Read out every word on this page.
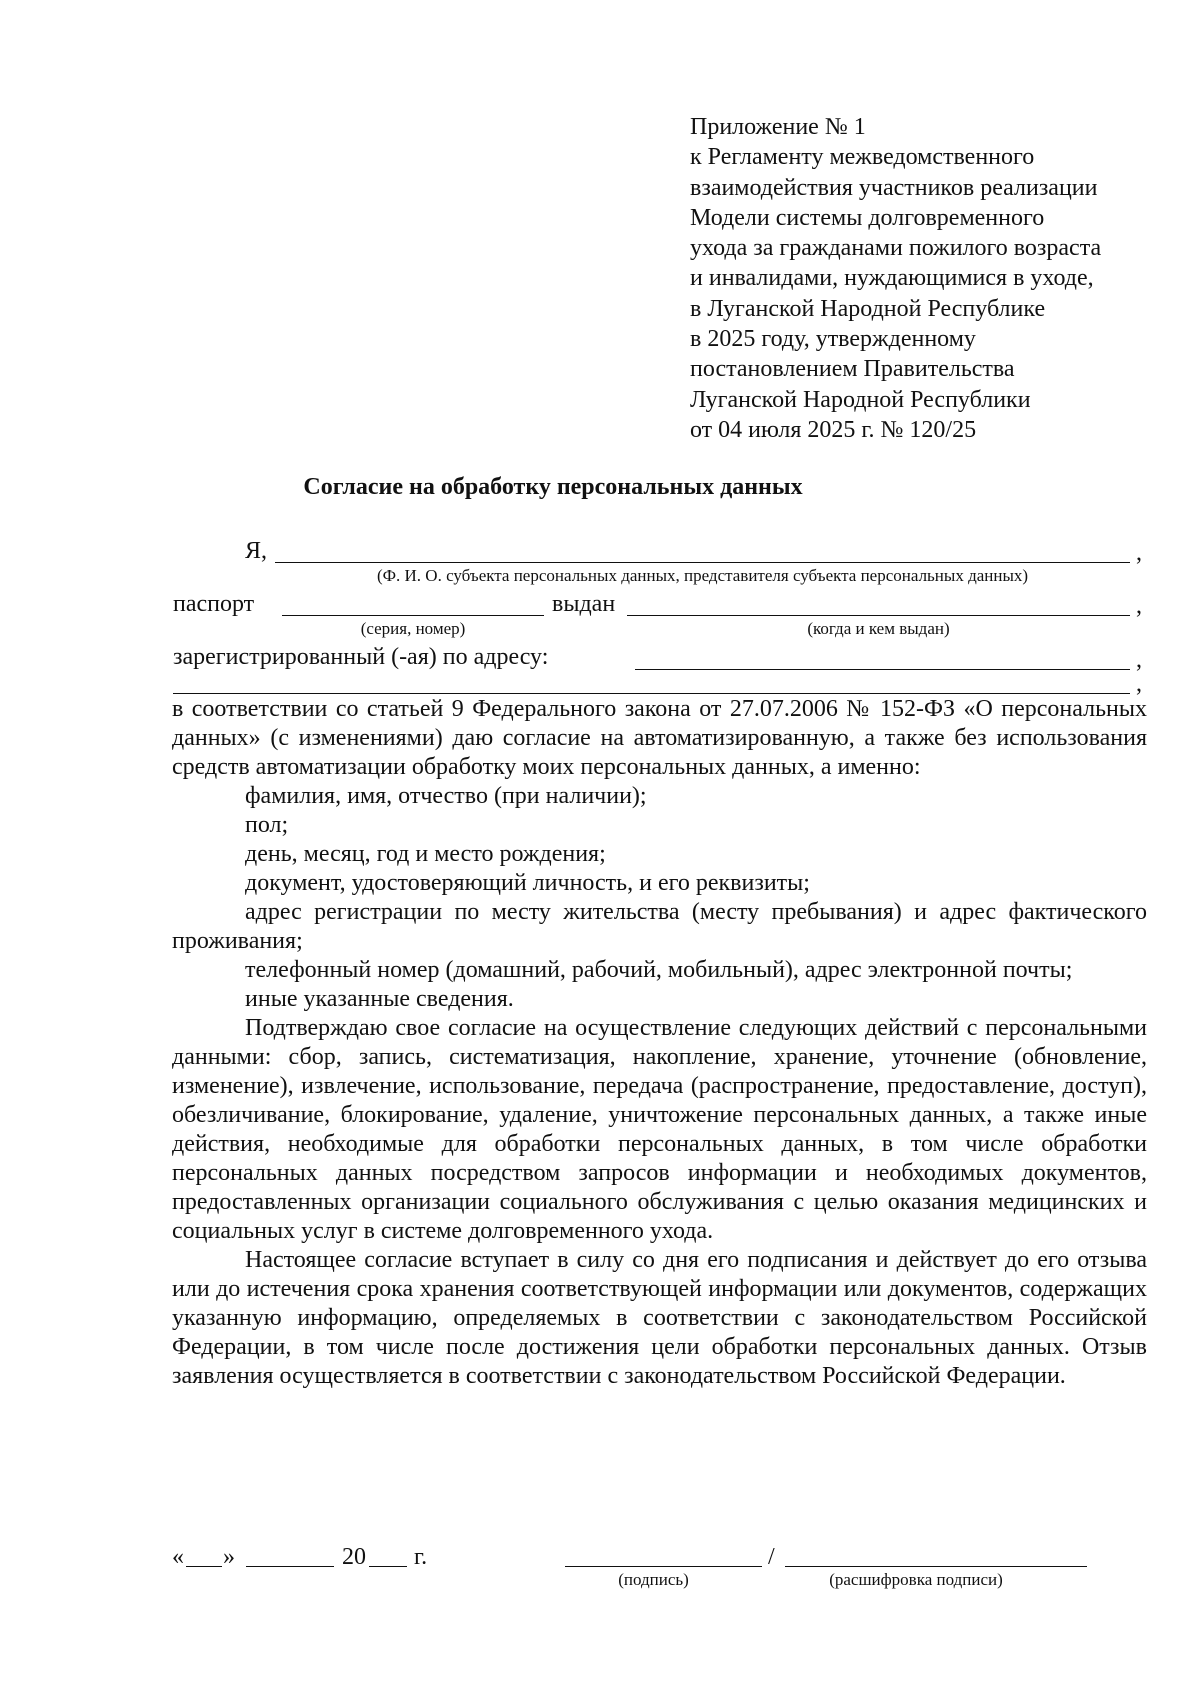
Приложение № 1
к Регламенту межведомственного
взаимодействия участников реализации
Модели системы долговременного
ухода за гражданами пожилого возраста
и инвалидами, нуждающимися в уходе,
в Луганской Народной Республике
в 2025 году, утвержденному
постановлением Правительства
Луганской Народной Республики
от 04 июля 2025 г. № 120/25
Согласие на обработку персональных данных
Я,	,
(Ф. И. О. субъекта персональных данных, представителя субъекта персональных данных)
паспорт	выдан	,
(серия, номер)	(когда и кем выдан)
зарегистрированный (-ая) по адресу:	,
,

в соответствии со статьей 9 Федерального закона от 27.07.2006 № 152-ФЗ «О персональных данных» (с изменениями) даю согласие на автоматизированную, а также без использования средств автоматизации обработку моих персональных данных, а именно:

фамилия, имя, отчество (при наличии);

пол;

день, месяц, год и место рождения;

документ, удостоверяющий личность, и его реквизиты;

адрес регистрации по месту жительства (месту пребывания) и адрес фактического проживания;

телефонный номер (домашний, рабочий, мобильный), адрес электронной почты;

иные указанные сведения.

Подтверждаю свое согласие на осуществление следующих действий с персональными данными: сбор, запись, систематизация, накопление, хранение, уточнение (обновление, изменение), извлечение, использование, передача (распространение, предоставление, доступ), обезличивание, блокирование, удаление, уничтожение персональных данных, а также иные действия, необходимые для обработки персональных данных, в том числе обработки персональных данных посредством запросов информации и необходимых документов, предоставленных организации социального обслуживания с целью оказания медицинских и социальных услуг в системе долговременного ухода.

Настоящее согласие вступает в силу со дня его подписания и действует до его отзыва или до истечения срока хранения соответствующей информации или документов, содержащих указанную информацию, определяемых в соответствии с законодательством Российской Федерации, в том числе после достижения цели обработки персональных данных. Отзыв заявления осуществляется в соответствии с законодательством Российской Федерации.

« »	20 г.	/
(подпись)	(расшифровка подписи)
